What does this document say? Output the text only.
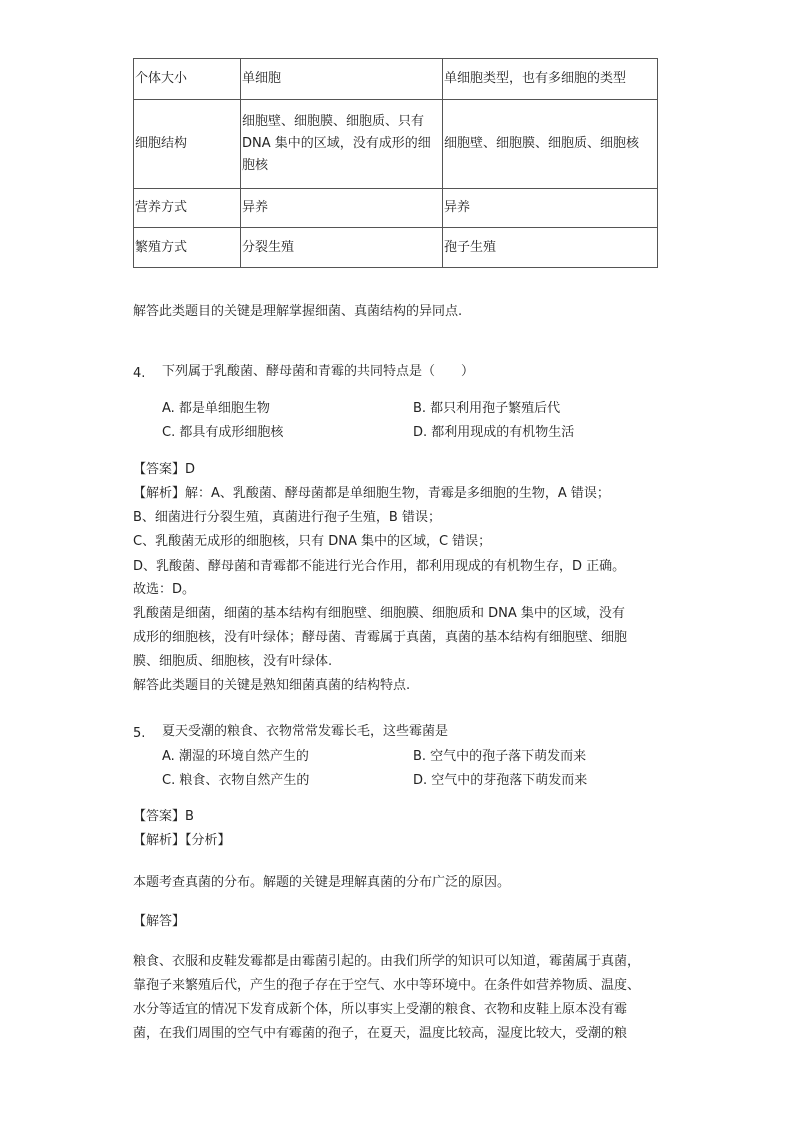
个体大小	单细胞	单细胞类型，也有多细胞的类型
细胞结构	细胞壁、细胞膜、细胞质、只有DNA 集中的区域，没有成形的细胞核	细胞壁、细胞膜、细胞质、细胞核
营养方式	异养	异养
繁殖方式	分裂生殖	孢子生殖
解答此类题目的关键是理解掌握细菌、真菌结构的异同点.
4. 下列属于乳酸菌、酵母菌和青霉的共同特点是（　　）
A. 都是单细胞生物	B. 都只利用孢子繁殖后代
C. 都具有成形细胞核	D. 都利用现成的有机物生活
【答案】D
【解析】解：A、乳酸菌、酵母菌都是单细胞生物，青霉是多细胞的生物，A 错误；
B、细菌进行分裂生殖，真菌进行孢子生殖，B 错误；
C、乳酸菌无成形的细胞核，只有 DNA 集中的区域，C 错误；
D、乳酸菌、酵母菌和青霉都不能进行光合作用，都利用现成的有机物生存，D 正确。
故选：D。
乳酸菌是细菌，细菌的基本结构有细胞壁、细胞膜、细胞质和 DNA 集中的区域，没有
成形的细胞核，没有叶绿体；酵母菌、青霉属于真菌，真菌的基本结构有细胞壁、细胞
膜、细胞质、细胞核，没有叶绿体.
解答此类题目的关键是熟知细菌真菌的结构特点.
5. 夏天受潮的粮食、衣物常常发霉长毛，这些霉菌是
A. 潮湿的环境自然产生的	B. 空气中的孢子落下萌发而来
C. 粮食、衣物自然产生的	D. 空气中的芽孢落下萌发而来
【答案】B
【解析】【分析】
本题考查真菌的分布。解题的关键是理解真菌的分布广泛的原因。
【解答】
粮食、衣服和皮鞋发霉都是由霉菌引起的。由我们所学的知识可以知道，霉菌属于真菌，
靠孢子来繁殖后代，产生的孢子存在于空气、水中等环境中。在条件如营养物质、温度、
水分等适宜的情况下发育成新个体，所以事实上受潮的粮食、衣物和皮鞋上原本没有霉
菌，在我们周围的空气中有霉菌的孢子，在夏天，温度比较高，湿度比较大，受潮的粮
